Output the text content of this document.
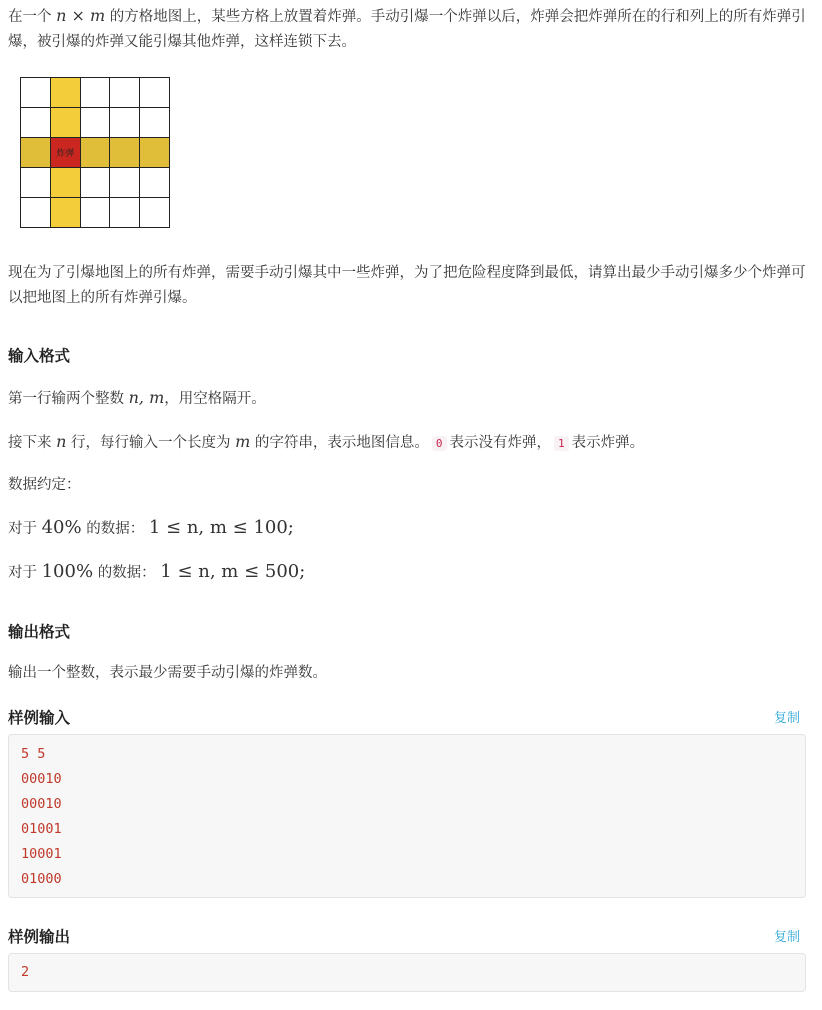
在一个 n × m 的方格地图上，某些方格上放置着炸弹。手动引爆一个炸弹以后，炸弹会把炸弹所在的行和列上的所有炸弹引爆，被引爆的炸弹又能引爆其他炸弹，这样连锁下去。

	炸弹			

现在为了引爆地图上的所有炸弹，需要手动引爆其中一些炸弹，为了把危险程度降到最低，请算出最少手动引爆多少个炸弹可以把地图上的所有炸弹引爆。
输入格式
第一行输两个整数 n, m，用空格隔开。
接下来 n 行，每行输入一个长度为 m 的字符串，表示地图信息。 0 表示没有炸弹， 1 表示炸弹。
数据约定：
对于 40% 的数据： 1 ≤ n, m ≤ 100;
对于 100% 的数据： 1 ≤ n, m ≤ 500;
输出格式
输出一个整数，表示最少需要手动引爆的炸弹数。
样例输入	复制
5 5
00010
00010
01001
10001
01000
样例输出	复制
2
